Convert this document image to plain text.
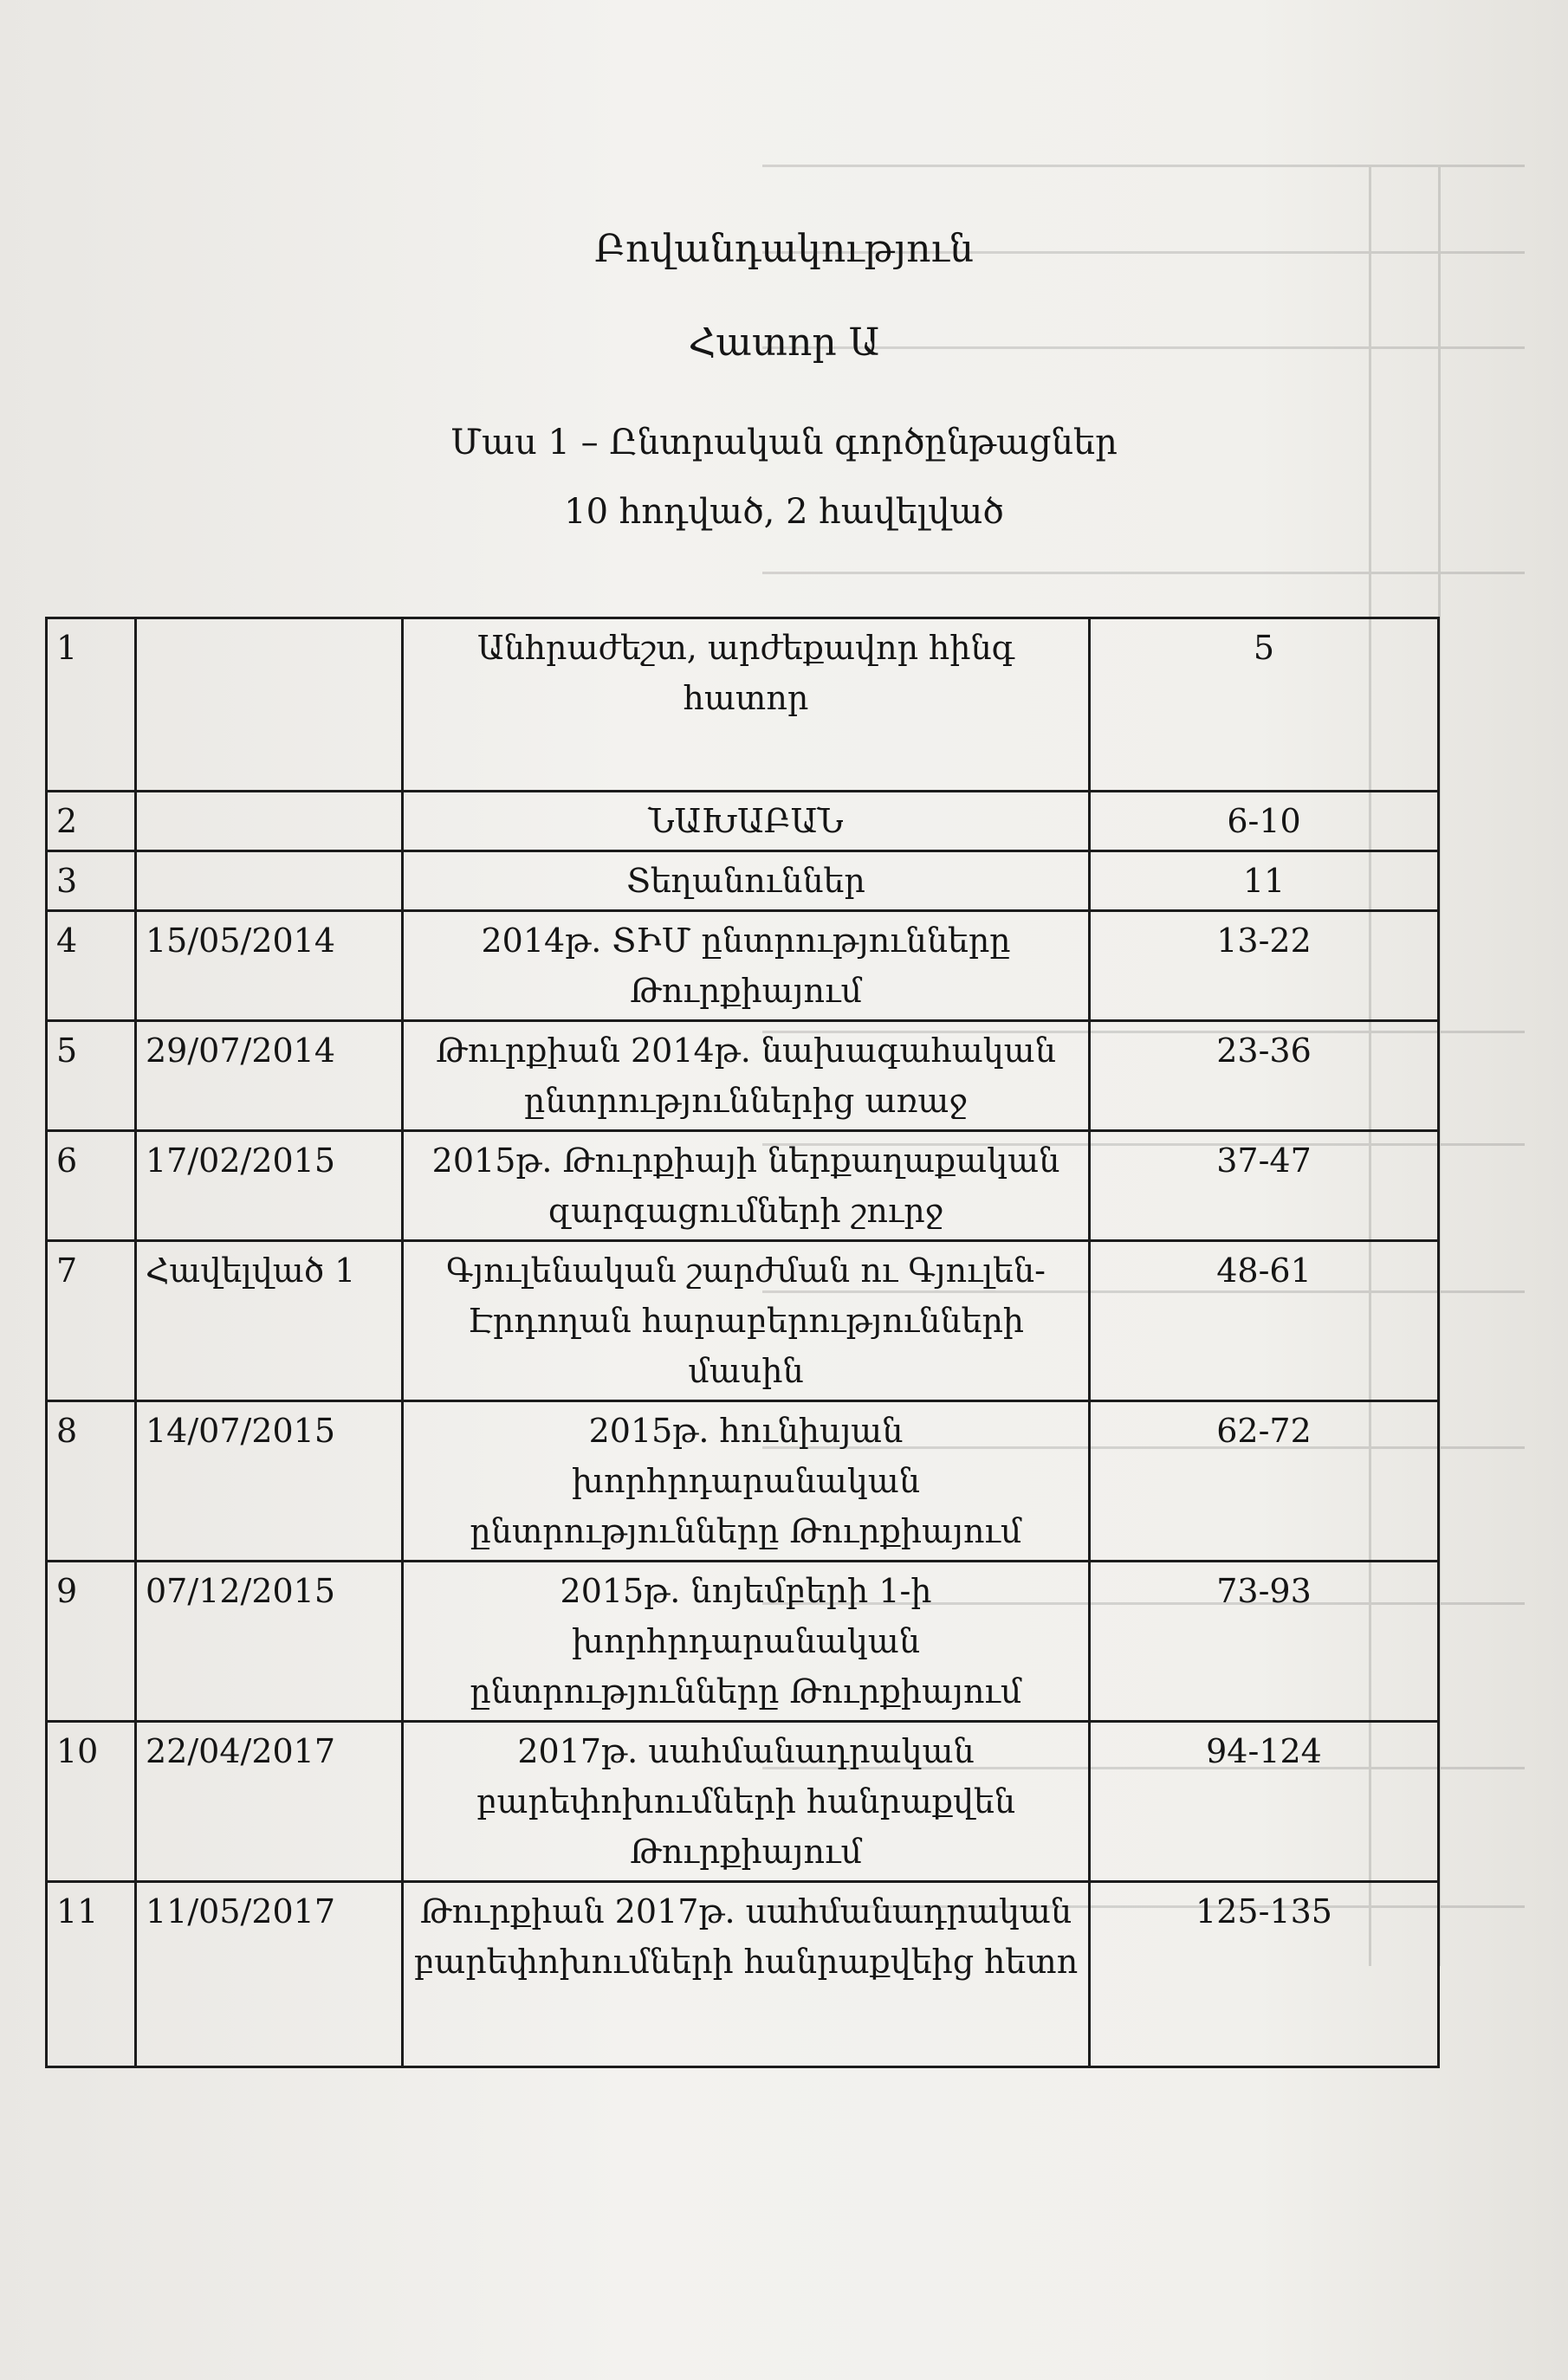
Բովանդակություն
Հատոր Ա
Մաս 1 – Ընտրական գործընթացներ
10 հոդված, 2 հավելված
1		Անհրաժեշտ, արժեքավոր հինգ հատոր	5
2		ՆԱԽԱԲԱՆ	6-10
3		Տեղանուններ	11
4	15/05/2014	2014թ. ՏԻՄ ընտրությունները Թուրքիայում	13-22
5	29/07/2014	Թուրքիան 2014թ. նախագահական ընտրություններից առաջ	23-36
6	17/02/2015	2015թ. Թուրքիայի ներքաղաքական զարգացումների շուրջ	37-47
7	Հավելված 1	Գյուլենական շարժման ու Գյուլեն-Էրդողան հարաբերությունների մասին	48-61
8	14/07/2015	2015թ. հունիսյան խորհրդարանական ընտրությունները Թուրքիայում	62-72
9	07/12/2015	2015թ. նոյեմբերի 1-ի խորհրդարանական ընտրությունները Թուրքիայում	73-93
10	22/04/2017	2017թ. սահմանադրական բարեփոխումների հանրաքվեն Թուրքիայում	94-124
11	11/05/2017	Թուրքիան 2017թ. սահմանադրական բարեփոխումների հանրաքվեից հետո	125-135
